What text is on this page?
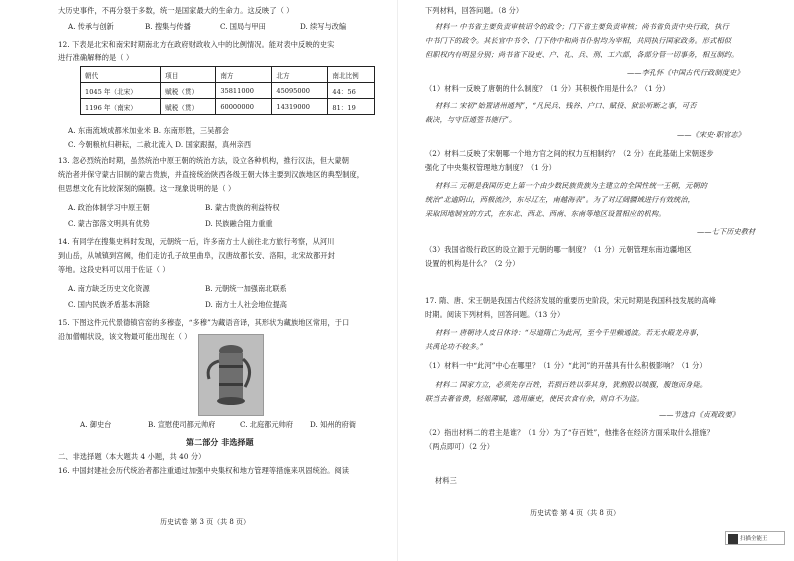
大历史事件，不再分裂于多数，统一是国家最大的生命力。这反映了（ ）
A. 传承与创新	B. 搜集与传播	C. 国局与甲田	D. 续写与改编
12. 下表是北宋和南宋时期南北方在政府财政收入中的比例情况。能对表中反映的史实
进行准确解释的是（ ）
朝代	项目	南方	北方	南北比例
1045 年（北宋）	赋税（贯）	35811000	45095000	44：56
1196 年（南宋）	赋税（贯）	60000000	14319000	81：19
A. 东南流域成都米加业米 B. 东南形胜，三吴都会
C. 今朝粮杭归耕耘，二赦北流入 D. 国家跟据，真州亲西
13. 忽必烈统治时期，虽然统治中原王朝的统治方法，设立各种机构，推行汉法，但大蒙朝
统治者并保守蒙古旧制的蒙古贵族，并直接统治陕西各级王朝大体主要到汉族地区的典型制度，
但思想文化有比较深刻的隔膜。这一现象说明的是（ ）
A. 政治体制学习中原王朝	B. 蒙古贵族的利益特权
C. 蒙古部落文明具有优势	D. 民族融合阻力重重
14. 有同学在搜集史料时发现，元朝统一后，许多南方士人前往北方旅行考察，从河川
到山岳，从城镇到宫阙，他们走访孔子故里曲阜，汉唐故都长安、洛阳，北宋故都开封
等地。这段史料可以用于佐证（ ）
A. 南方缺乏历史文化资源	B. 元朝统一加强南北联系
C. 国内民族矛盾基本消除	D. 南方士人社会地位提高
15. 下图这件元代景德镇官窑的多穆壶，“多穆”为藏语音译，其形状为藏族地区常用，于口
沿加僧帽状设，该文物最可能出现在（ ）
A. 御史台	B. 宣慰使司都元帅府	C. 北庭都元帅府 D. 知州的府衙
第二部分 非选择题
二、非选择题（本大题共 4 小题，共 40 分）
16. 中国封建社会历代统治者都注重通过加强中央集权和地方管理等措施来巩固统治。阅读
历史试卷 第 3 页（共 8 页）
下列材料，回答问题。（8 分）
材料一 中书省主要负责审核诏令的政令；门下省主要负责审核；尚书省负责中央行政，执行
中书门下的政令。其长官中书令、门下侍中和尚书仆射均为宰相，共同执行国家政务。形式相似
但职权内有明显分别；尚书省下设吏、户、礼、兵、刑、工六部，各部分管一切事务，相互制约。
——李孔怀《中国古代行政制度史》
（1）材料一反映了唐朝的什么制度？（1 分）其积极作用是什么？（1 分）
材料二 宋初“始置诸州通判”，“凡民兵、钱谷、户口、赋役、狱讼听断之事，可否
裁决，与守臣通签书施行”。
——《宋史·职官志》
（2）材料二反映了宋朝哪一个地方官之间的权力互相制约？（2 分）在此基础上宋朝逐步
强化了中央集权管理地方制度？（1 分）
材料三 元朝是我国历史上第一个由少数民族贵族为主建立的全国性统一王朝，元朝的
统治“北逾阴山，西极流沙，东尽辽左，南越海表”。为了对辽阔疆域进行有效统治，
采取因地制宜的方式，在东北、西北、西南、东南等地区设置相应的机构。
——七下历史教材
（3）我国省级行政区的设立源于元朝的哪一制度？（1 分）元朝管理东南边疆地区
设置的机构是什么？（2 分）
17. 隋、唐、宋王朝是我国古代经济发展的重要历史阶段，宋元时期是我国科技发展的高峰
时期。阅读下列材料，回答问题。（13 分）
材料一 唐朝诗人皮日休诗：“尽道隋亡为此河，至今千里赖通波。若无水殿龙舟事，
共禹论功不较多。”
（1）材料一中“此河”中心在哪里？（1 分）“此河”的开凿具有什么积极影响？（1 分）
材料二 国家方立，必须先存百姓，若损百姓以奉其身，犹割股以啖腹，腹饱而身毙。
联当去奢省费，轻徭薄赋，选用廉吏，使民衣食有余，则自不为盗。
——节选自《贞观政要》
（2）指出材料二的君主是谁？（1 分）为了“存百姓”，他推各在经济方面采取什么措施？
（两点即可）（2 分）
材料三
历史试卷 第 4 页（共 8 页）
扫描全能王
